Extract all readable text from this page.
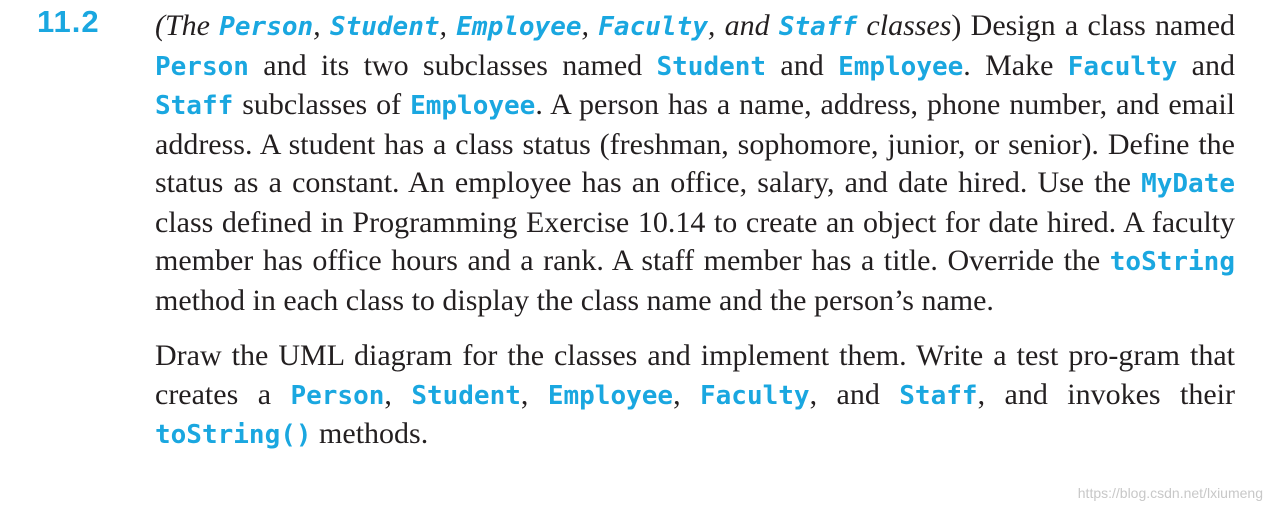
11.2 (The Person, Student, Employee, Faculty, and Staff classes) Design a class named Person and its two subclasses named Student and Employee. Make Faculty and Staff subclasses of Employee. A person has a name, address, phone number, and email address. A student has a class status (freshman, sophomore, junior, or senior). Define the status as a constant. An employee has an office, salary, and date hired. Use the MyDate class defined in Programming Exercise 10.14 to create an object for date hired. A faculty member has office hours and a rank. A staff member has a title. Override the toString method in each class to display the class name and the person’s name.

Draw the UML diagram for the classes and implement them. Write a test pro-gram that creates a Person, Student, Employee, Faculty, and Staff, and invokes their toString() methods.

https://blog.csdn.net/lxiumeng
